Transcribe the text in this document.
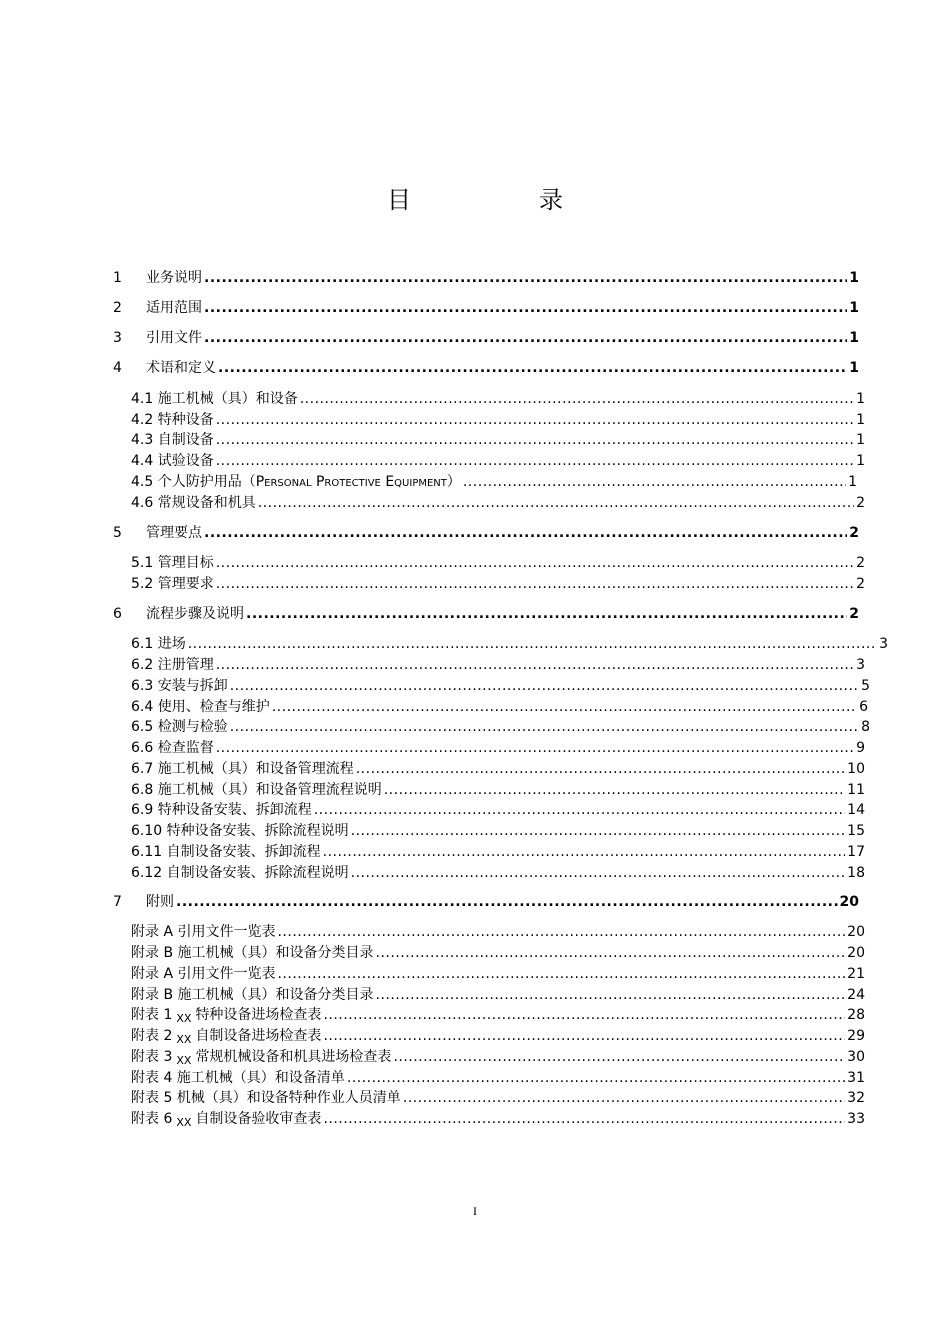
目　录
1	业务说明 .....	1
2	适用范围 .....	1
3	引用文件 .....	1
4	术语和定义 .....	1
4.1 施工机械（具）和设备 .....	1
4.2 特种设备 .....	1
4.3 自制设备 .....	1
4.4 试验设备 .....	1
4.5 个人防护用品（Personal Protective Equipment） .....	1
4.6 常规设备和机具 .....	2
5	管理要点 .....	2
5.1 管理目标 .....	2
5.2 管理要求 .....	2
6	流程步骤及说明 .....	2
6.1 进场 .....	3
6.2 注册管理 .....	3
6.3 安装与拆卸 .....	5
6.4 使用、检查与维护 .....	6
6.5 检测与检验 .....	8
6.6 检查监督 .....	9
6.7 施工机械（具）和设备管理流程 .....	10
6.8 施工机械（具）和设备管理流程说明 .....	11
6.9 特种设备安装、拆卸流程 .....	14
6.10 特种设备安装、拆除流程说明 .....	15
6.11 自制设备安装、拆卸流程 .....	17
6.12 自制设备安装、拆除流程说明 .....	18
7	附则 .....	20
附录 A 引用文件一览表 .....	20
附录 B 施工机械（具）和设备分类目录 .....	20
附录 A 引用文件一览表 .....	21
附录 B 施工机械（具）和设备分类目录 .....	24
附表 1 $_{XX}$ 特种设备进场检查表 .....	28
附表 2 $_{XX}$ 自制设备进场检查表 .....	29
附表 3 $_{XX}$ 常规机械设备和机具进场检查表 .....	30
附表 4 施工机械（具）和设备清单 .....	31
附表 5 机械（具）和设备特种作业人员清单 .....	32
附表 6 $_{XX}$ 自制设备验收审查表 .....	33
I
